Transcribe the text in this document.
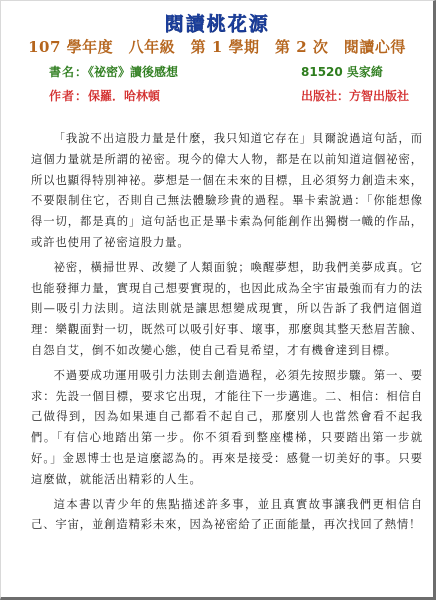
閱讀桃花源
107 學年度　八年級　第 1 學期　第 2 次　閱讀心得
書名：《祕密》讀後感想	81520 吳家綺
作者：保羅．哈林頓	出版社：方智出版社

「我說不出這股力量是什麼，我只知道它存在」貝爾說過這句話，而這個力量就是所謂的祕密。現今的偉大人物，都是在以前知道這個祕密，所以也顯得特別神祕。夢想是一個在未來的目標，且必須努力創造未來，不要限制住它，否則自己無法體驗珍貴的過程。畢卡索說過：「你能想像得一切，都是真的」這句話也正是畢卡索為何能創作出獨樹一幟的作品，或許也使用了祕密這股力量。

祕密，橫掃世界、改變了人類面貌；喚醒夢想，助我們美夢成真。它也能發揮力量，實現自己想要實現的，也因此成為全宇宙最強而有力的法則—吸引力法則。這法則就是讓思想變成現實，所以告訴了我們這個道理：樂觀面對一切，既然可以吸引好事、壞事，那麼與其整天愁眉苦臉、自怨自艾，倒不如改變心態，使自己看見希望，才有機會達到目標。

不過要成功運用吸引力法則去創造過程，必須先按照步驟。第一、要求：先設一個目標，要求它出現，才能往下一步邁進。二、相信：相信自己做得到，因為如果連自己都看不起自己，那麼別人也當然會看不起我們。「有信心地踏出第一步。你不須看到整座樓梯，只要踏出第一步就好。」金恩博士也是這麼認為的。再來是接受：感覺一切美好的事。只要這麼做，就能活出精彩的人生。

這本書以青少年的焦點描述許多事，並且真實故事讓我們更相信自己、宇宙，並創造精彩未來，因為祕密給了正面能量，再次找回了熱情！
